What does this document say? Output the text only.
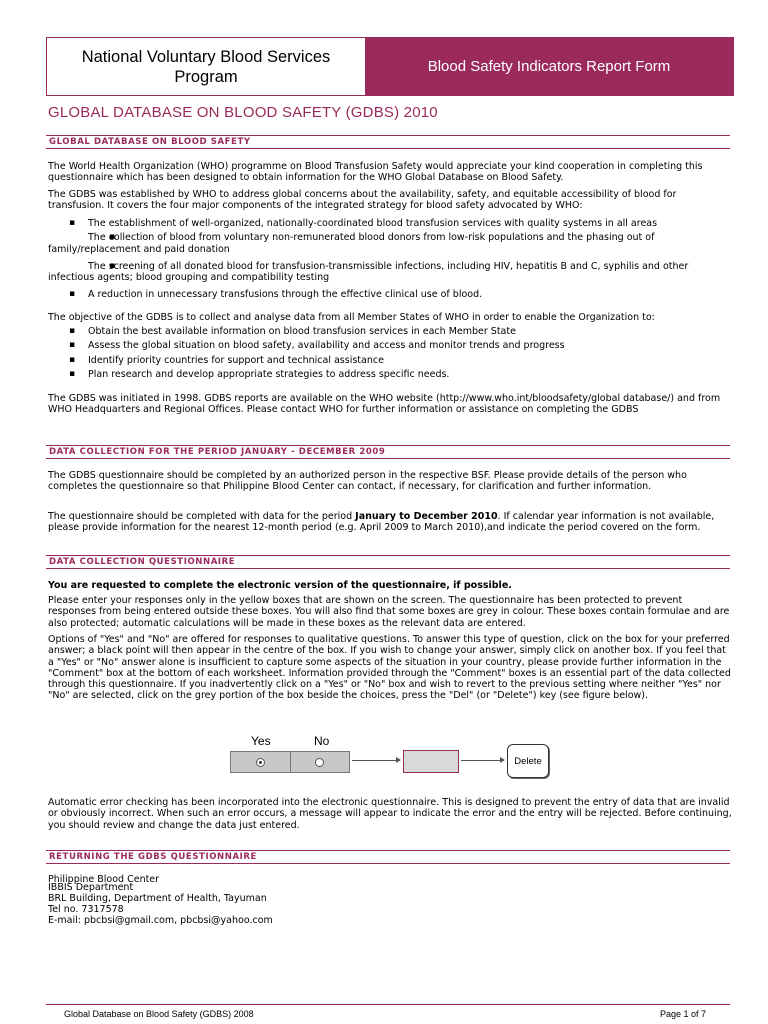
National Voluntary Blood Services Program
Blood Safety Indicators Report Form
GLOBAL DATABASE ON BLOOD SAFETY (GDBS) 2010
GLOBAL DATABASE ON BLOOD SAFETY

The World Health Organization (WHO) programme on Blood Transfusion Safety would appreciate your kind cooperation in completing this questionnaire which has been designed to obtain information for the WHO Global Database on Blood Safety.

The GDBS was established by WHO to address global concerns about the availability, safety, and equitable accessibility of blood for transfusion. It covers the four major components of the integrated strategy for blood safety advocated by WHO:

▪ The establishment of well-organized, nationally-coordinated blood transfusion services with quality systems in all areas
▪ The collection of blood from voluntary non-remunerated blood donors from low-risk populations and the phasing out of family/replacement and paid donation
▪ The screening of all donated blood for transfusion-transmissible infections, including HIV, hepatitis B and C, syphilis and other infectious agents; blood grouping and compatibility testing
▪ A reduction in unnecessary transfusions through the effective clinical use of blood.

The objective of the GDBS is to collect and analyse data from all Member States of WHO in order to enable the Organization to:

▪ Obtain the best available information on blood transfusion services in each Member State
▪ Assess the global situation on blood safety, availability and access and monitor trends and progress
▪ Identify priority countries for support and technical assistance
▪ Plan research and develop appropriate strategies to address specific needs.

The GDBS was initiated in 1998. GDBS reports are available on the WHO website (http://www.who.int/bloodsafety/global database/) and from WHO Headquarters and Regional Offices. Please contact WHO for further information or assistance on completing the GDBS

DATA COLLECTION FOR THE PERIOD JANUARY - DECEMBER 2009

The GDBS questionnaire should be completed by an authorized person in the respective BSF. Please provide details of the person who completes the questionnaire so that Philippine Blood Center can contact, if necessary, for clarification and further information.

The questionnaire should be completed with data for the period January to December 2010. If calendar year information is not available, please provide information for the nearest 12-month period (e.g. April 2009 to March 2010),and indicate the period covered on the form.

DATA COLLECTION QUESTIONNAIRE
You are requested to complete the electronic version of the questionnaire, if possible.

Please enter your responses only in the yellow boxes that are shown on the screen. The questionnaire has been protected to prevent responses from being entered outside these boxes. You will also find that some boxes are grey in colour. These boxes contain formulae and are also protected; automatic calculations will be made in these boxes as the relevant data are entered.

Options of "Yes" and "No" are offered for responses to qualitative questions. To answer this type of question, click on the box for your preferred answer; a black point will then appear in the centre of the box. If you wish to change your answer, simply click on another box. If you feel that a "Yes" or "No" answer alone is insufficient to capture some aspects of the situation in your country, please provide further information in the "Comment" box at the bottom of each worksheet. Information provided through the "Comment" boxes is an essential part of the data collected through this questionnaire. If you inadvertently click on a "Yes" or "No" box and wish to revert to the previous setting where neither "Yes" nor "No" are selected, click on the grey portion of the box beside the choices, press the "Del" (or "Delete") key (see figure below).

Yes	No
Delete

Automatic error checking has been incorporated into the electronic questionnaire. This is designed to prevent the entry of data that are invalid or obviously incorrect. When such an error occurs, a message will appear to indicate the error and the entry will be rejected. Before continuing, you should review and change the data just entered.

RETURNING THE GDBS QUESTIONNAIRE
Philippine Blood Center
IBBIS Department
BRL Building, Department of Health, Tayuman
Tel no. 7317578
E-mail: pbcbsi@gmail.com, pbcbsi@yahoo.com
Global Database on Blood Safety (GDBS) 2008	Page 1 of 7
